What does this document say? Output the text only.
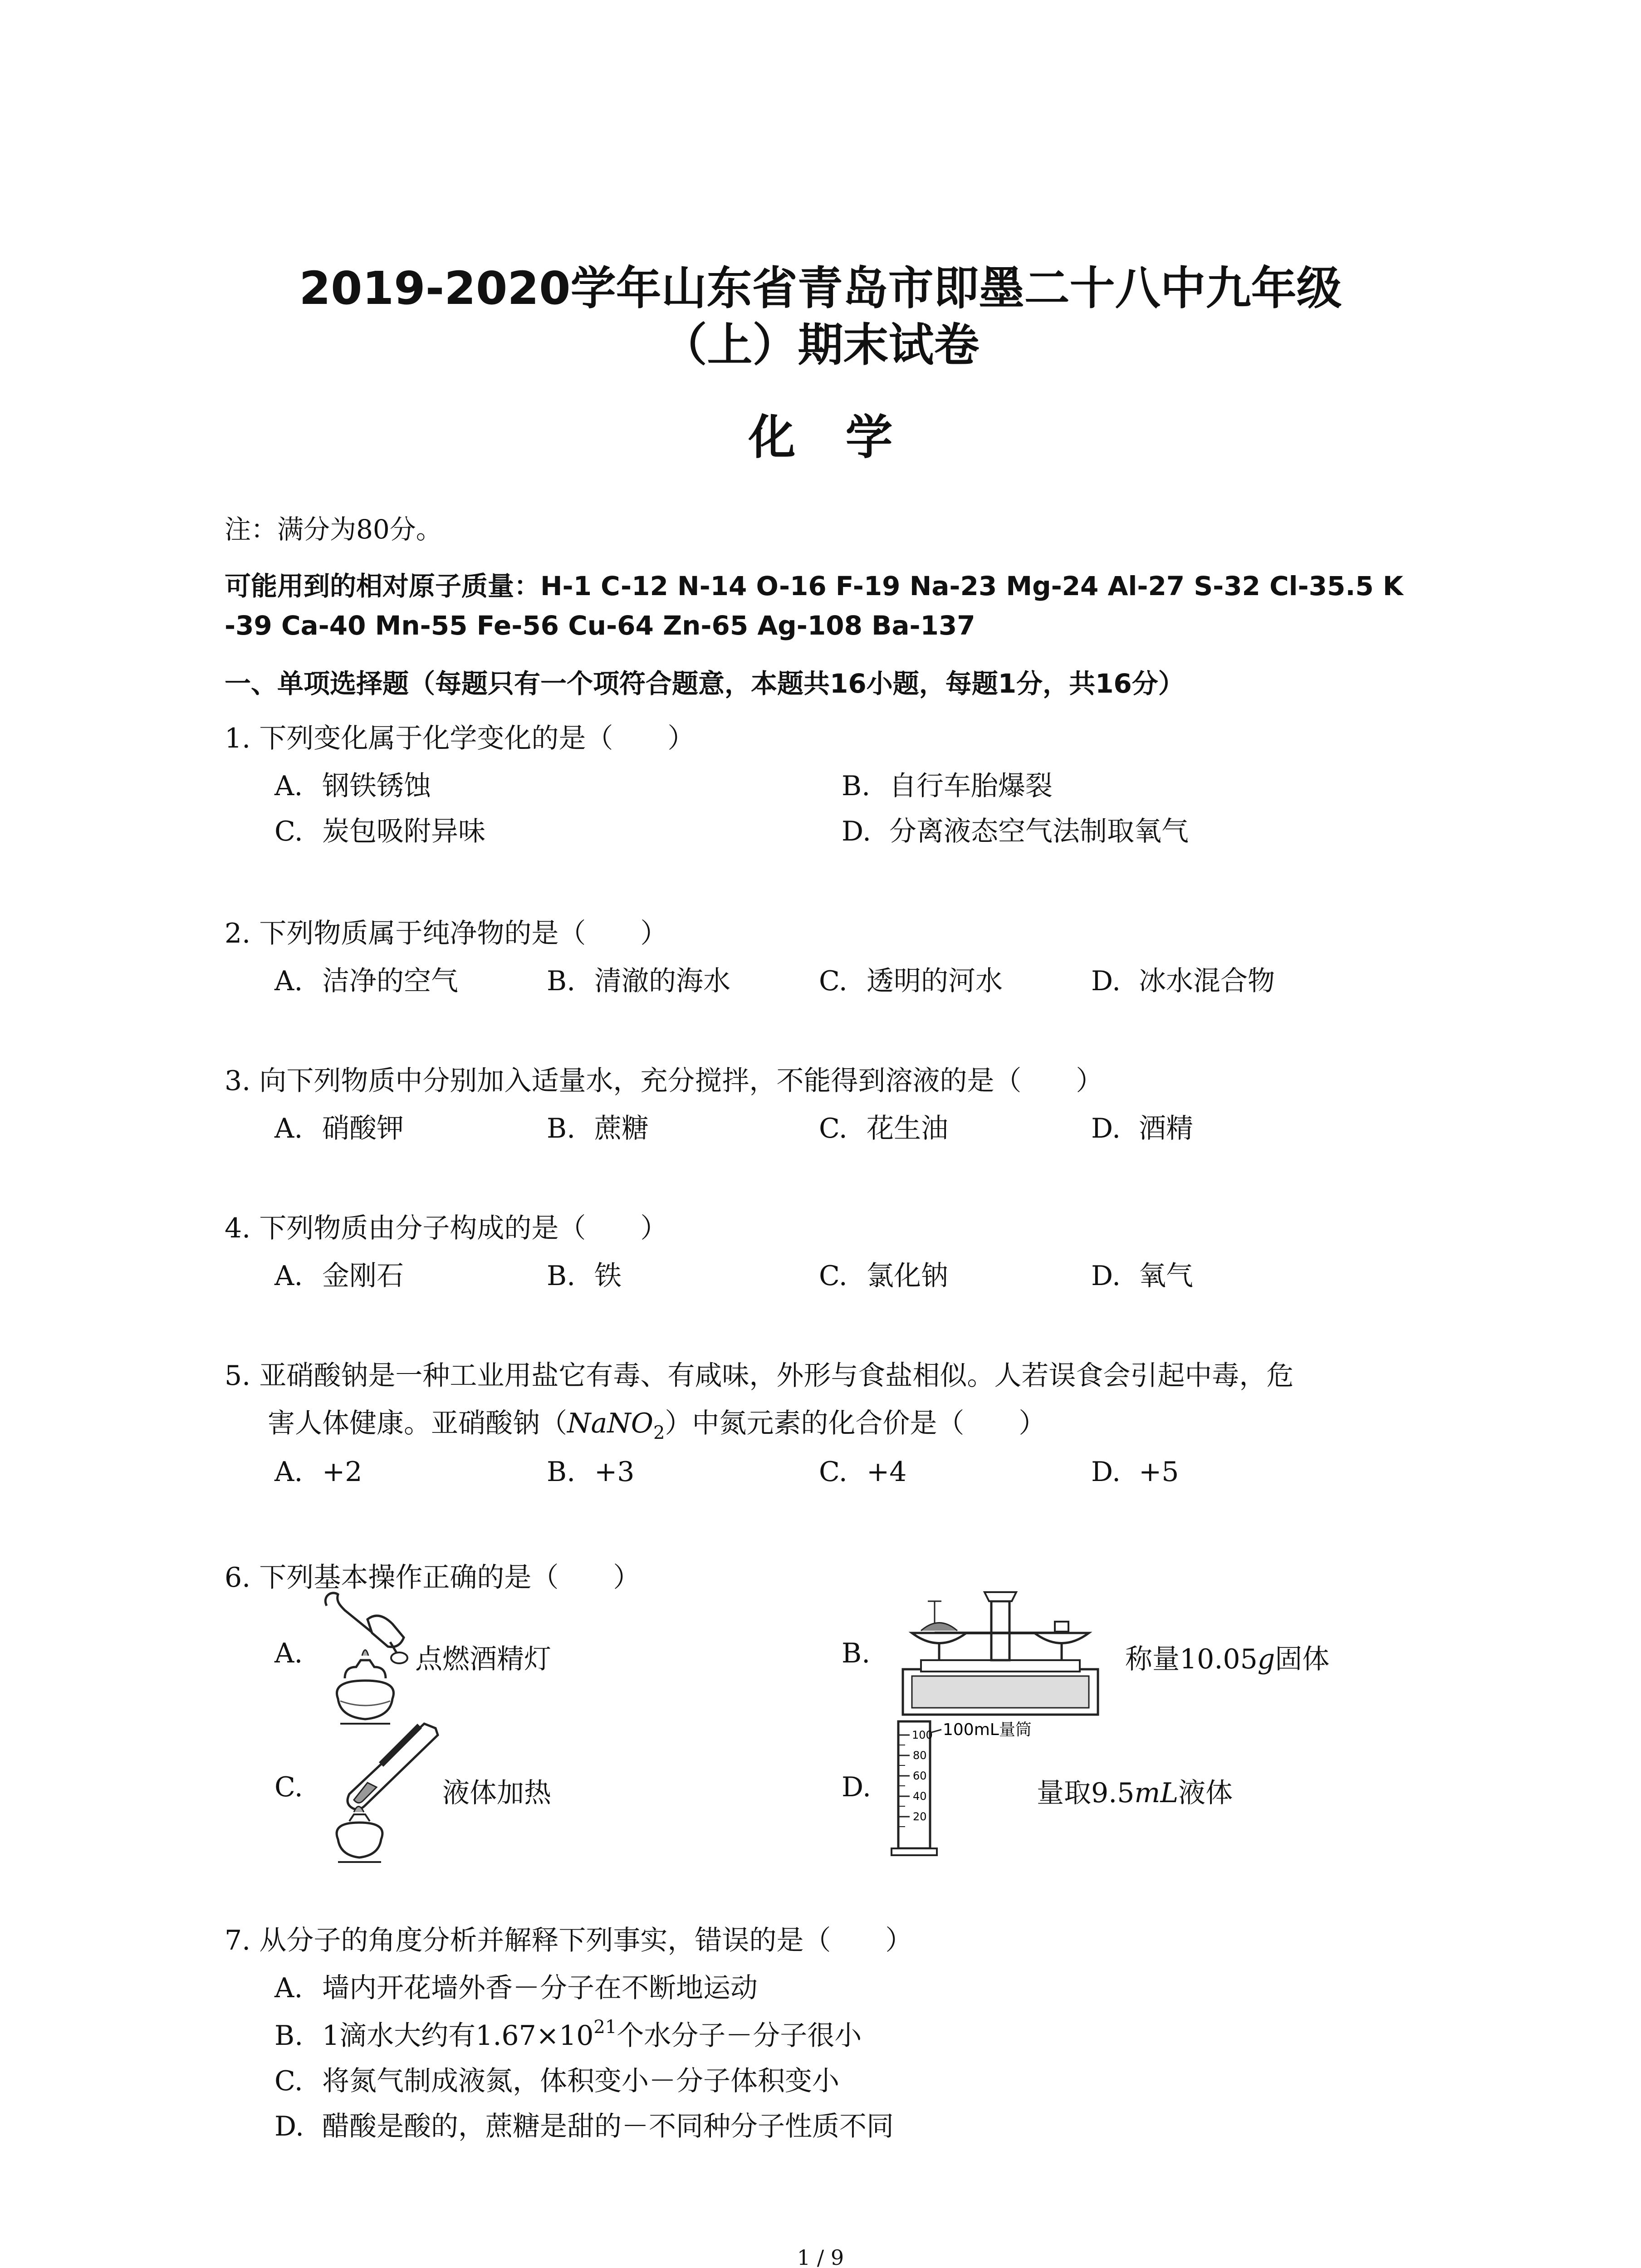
2019-2020学年山东省青岛市即墨二十八中九年级
（上）期末试卷
化学
注：满分为80分。
可能用到的相对原子质量：H-1 C-12 N-14 O-16 F-19 Na-23 Mg-24 Al-27 S-32 Cl-35.5 K
-39 Ca-40 Mn-55 Fe-56 Cu-64 Zn-65 Ag-108 Ba-137
一、单项选择题（每题只有一个项符合题意，本题共16小题，每题1分，共16分）
1. 下列变化属于化学变化的是（　　）
A. 钢铁锈蚀	B. 自行车胎爆裂
C. 炭包吸附异味	D. 分离液态空气法制取氧气
2. 下列物质属于纯净物的是（　　）
A. 洁净的空气	B. 清澈的海水	C. 透明的河水	D. 冰水混合物
3. 向下列物质中分别加入适量水，充分搅拌，不能得到溶液的是（　　）
A. 硝酸钾	B. 蔗糖	C. 花生油	D. 酒精
4. 下列物质由分子构成的是（　　）
A. 金刚石	B. 铁	C. 氯化钠	D. 氧气
5. 亚硝酸钠是一种工业用盐它有毒、有咸味，外形与食盐相似。人若误食会引起中毒，危
害人体健康。亚硝酸钠（NaNO$_2$）中氮元素的化合价是（　　）
A. +2	B. +3	C. +4	D. +5
6. 下列基本操作正确的是（　　）
A.	点燃酒精灯	B.	称量10.05g固体
C.	液体加热	D.
100
80
60
40
20
100mL量筒
量取9.5mL液体
7. 从分子的角度分析并解释下列事实，错误的是（　　）
A. 墙内开花墙外香－分子在不断地运动
B. 1滴水大约有$1.67\times 10^{21}$个水分子－分子很小
C. 将氮气制成液氮，体积变小－分子体积变小
D. 醋酸是酸的，蔗糖是甜的－不同种分子性质不同
1 / 9
